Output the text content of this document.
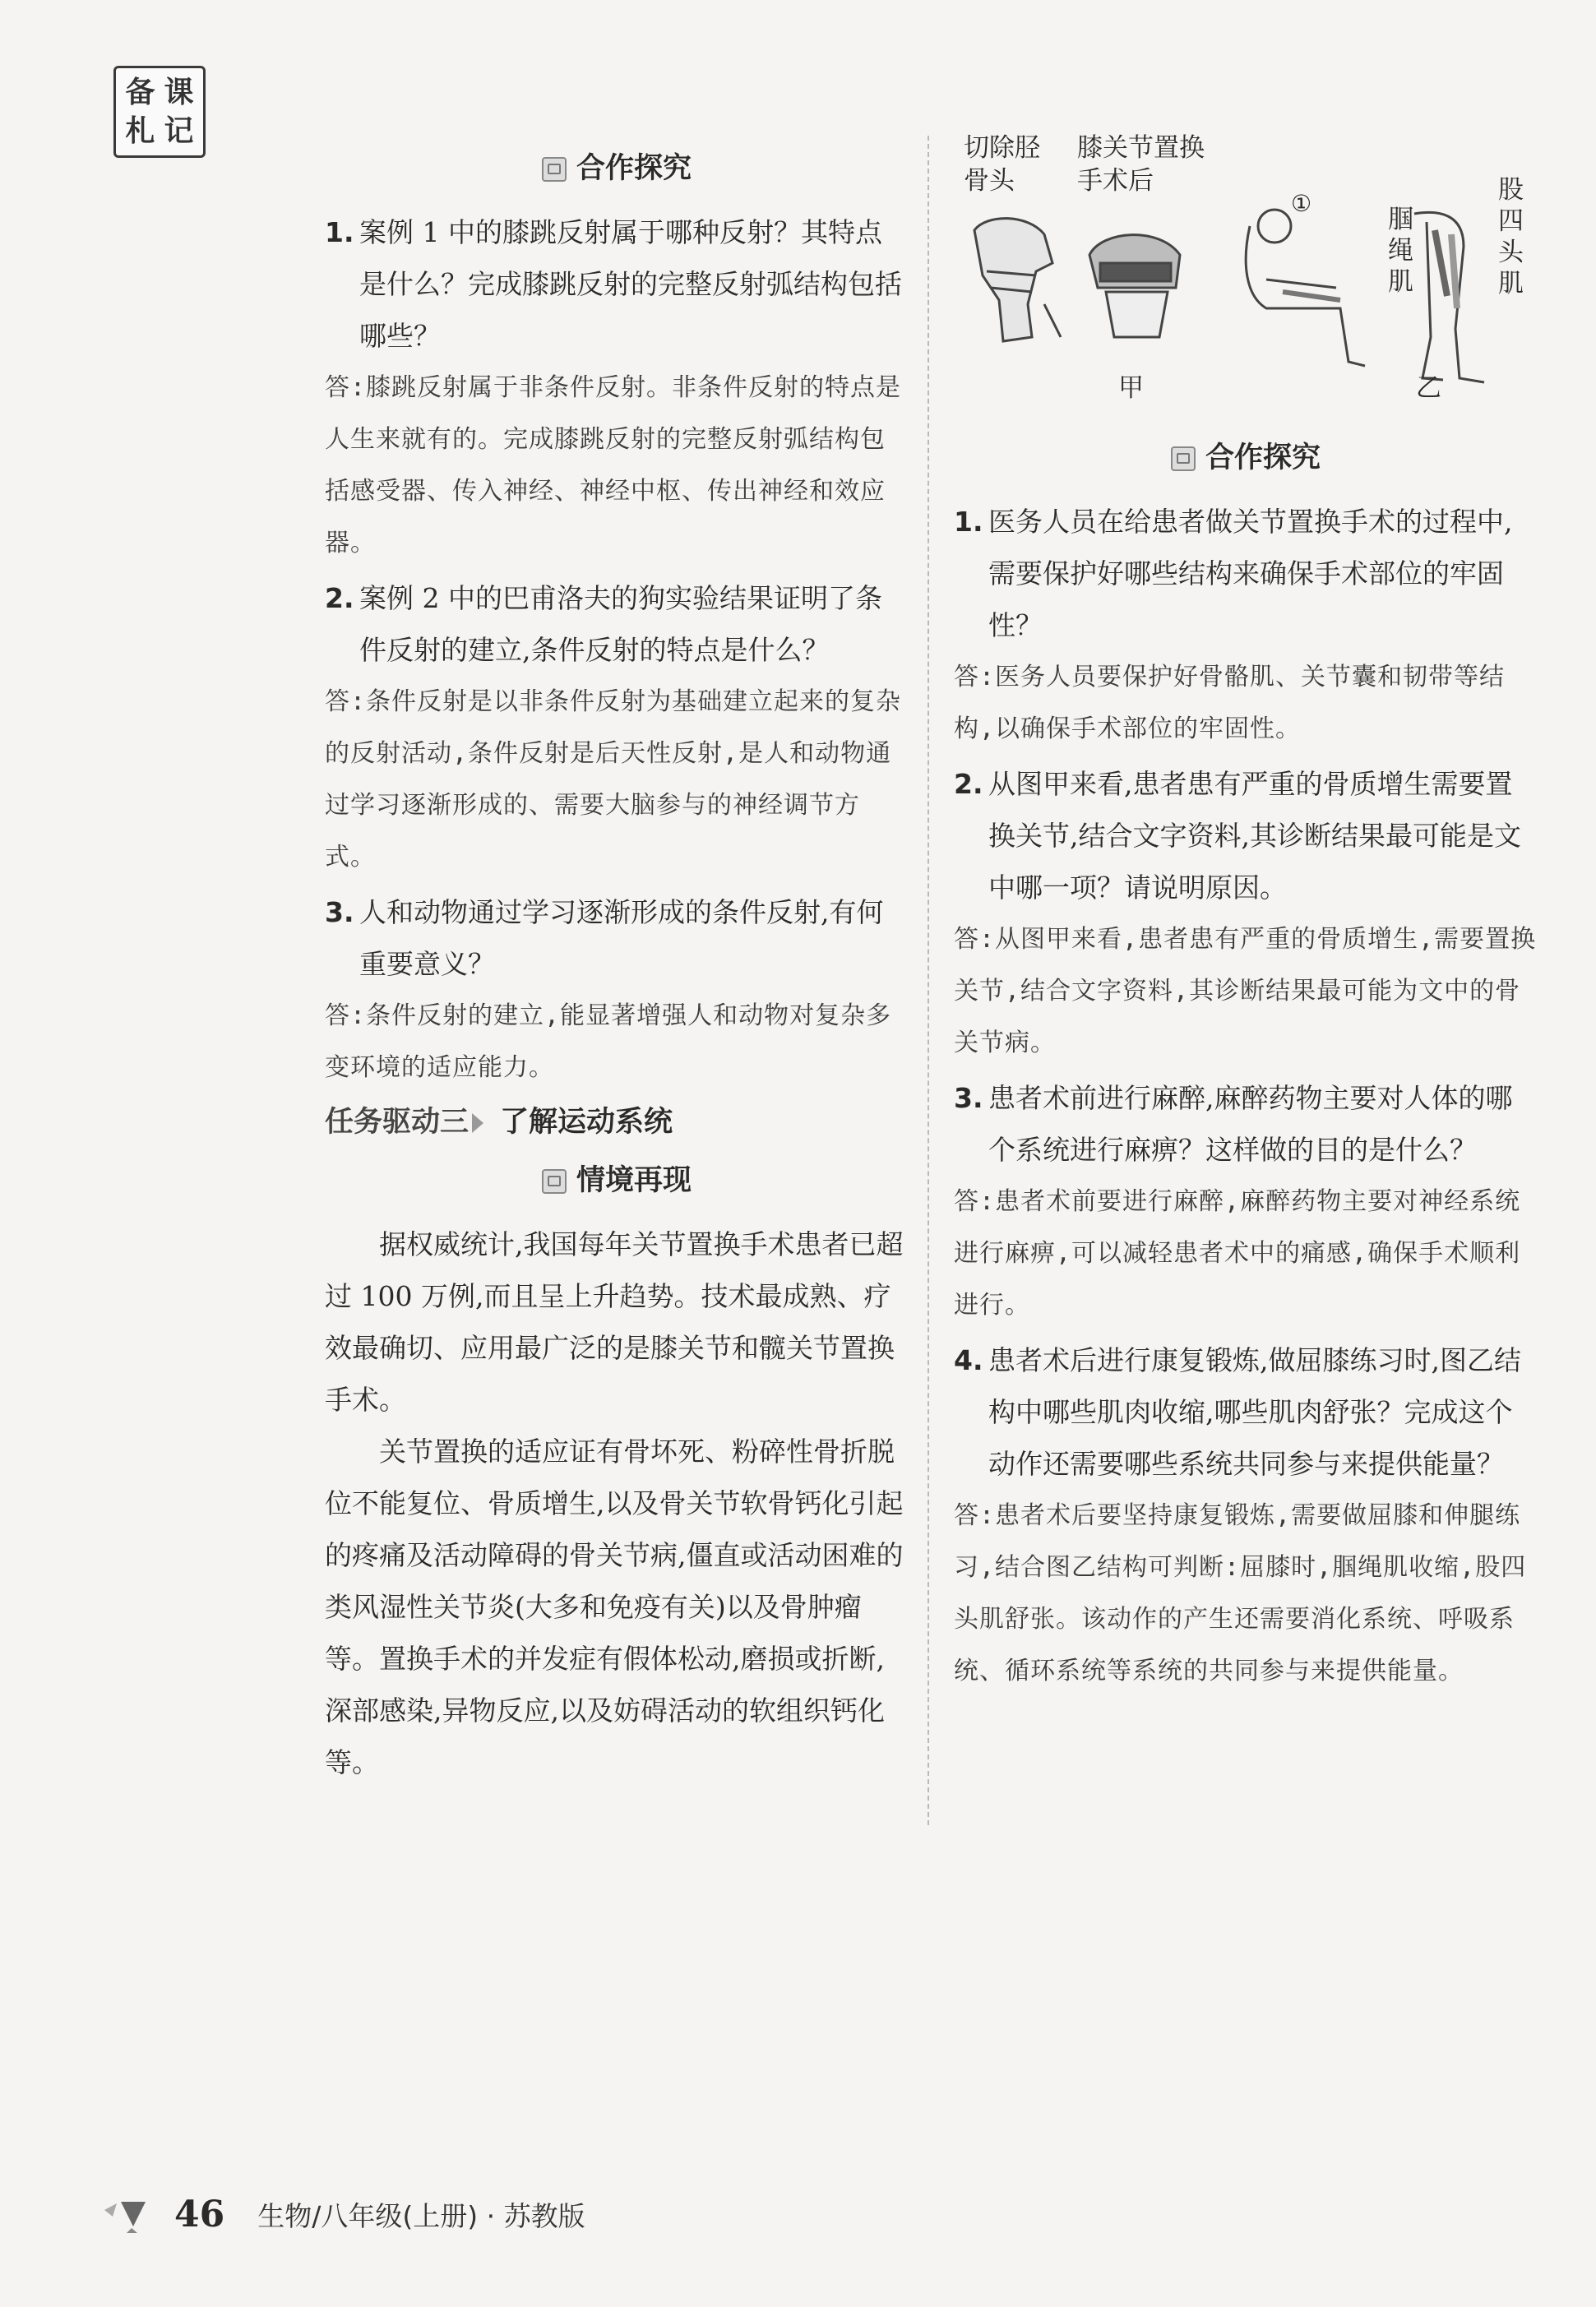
备 课
札 记
合作探究
1. 案例 1 中的膝跳反射属于哪种反射？其特点是什么？完成膝跳反射的完整反射弧结构包括哪些？
答:膝跳反射属于非条件反射。非条件反射的特点是人生来就有的。完成膝跳反射的完整反射弧结构包括感受器、传入神经、神经中枢、传出神经和效应器。
2. 案例 2 中的巴甫洛夫的狗实验结果证明了条件反射的建立,条件反射的特点是什么？
答:条件反射是以非条件反射为基础建立起来的复杂的反射活动,条件反射是后天性反射,是人和动物通过学习逐渐形成的、需要大脑参与的神经调节方式。
3. 人和动物通过学习逐渐形成的条件反射,有何重要意义？
答:条件反射的建立,能显著增强人和动物对复杂多变环境的适应能力。
任务驱动三 了解运动系统
情境再现

据权威统计,我国每年关节置换手术患者已超过 100 万例,而且呈上升趋势。技术最成熟、疗效最确切、应用最广泛的是膝关节和髋关节置换手术。

关节置换的适应证有骨坏死、粉碎性骨折脱位不能复位、骨质增生,以及骨关节软骨钙化引起的疼痛及活动障碍的骨关节病,僵直或活动困难的类风湿性关节炎(大多和免疫有关)以及骨肿瘤等。置换手术的并发症有假体松动,磨损或折断,深部感染,异物反应,以及妨碍活动的软组织钙化等。

切除胫
骨头
膝关节置换
手术后
①
腘
绳
肌
股
四
头
肌
甲	乙
合作探究
1. 医务人员在给患者做关节置换手术的过程中,需要保护好哪些结构来确保手术部位的牢固性？
答:医务人员要保护好骨骼肌、关节囊和韧带等结构,以确保手术部位的牢固性。
2. 从图甲来看,患者患有严重的骨质增生需要置换关节,结合文字资料,其诊断结果最可能是文中哪一项？请说明原因。
答:从图甲来看,患者患有严重的骨质增生,需要置换关节,结合文字资料,其诊断结果最可能为文中的骨关节病。
3. 患者术前进行麻醉,麻醉药物主要对人体的哪个系统进行麻痹？这样做的目的是什么？
答:患者术前要进行麻醉,麻醉药物主要对神经系统进行麻痹,可以减轻患者术中的痛感,确保手术顺利进行。
4. 患者术后进行康复锻炼,做屈膝练习时,图乙结构中哪些肌肉收缩,哪些肌肉舒张？完成这个动作还需要哪些系统共同参与来提供能量？
答:患者术后要坚持康复锻炼,需要做屈膝和伸腿练习,结合图乙结构可判断:屈膝时,腘绳肌收缩,股四头肌舒张。该动作的产生还需要消化系统、呼吸系统、循环系统等系统的共同参与来提供能量。
46 生物/八年级(上册) · 苏教版
